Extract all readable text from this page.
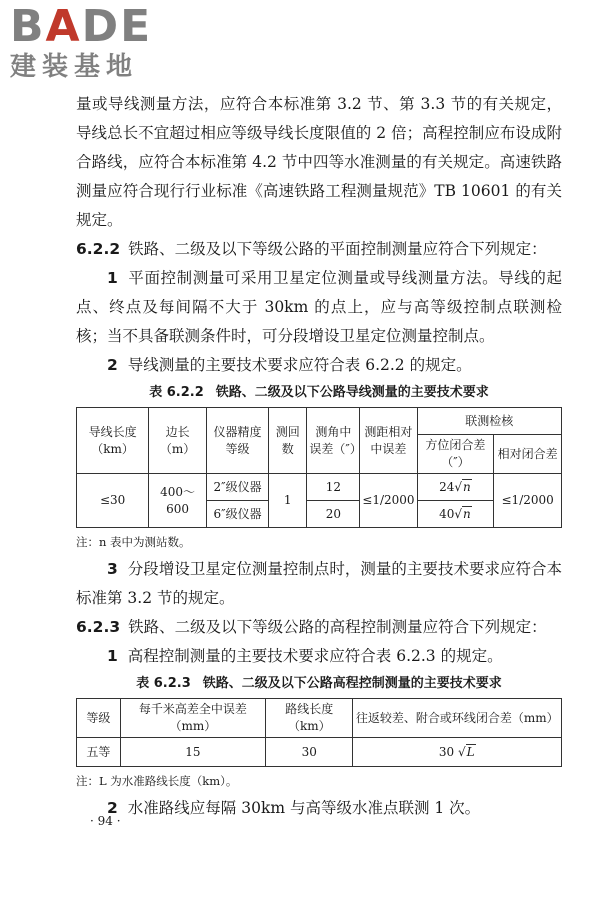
BADE
建装基地

量或导线测量方法，应符合本标准第 3.2 节、第 3.3 节的有关规定，导线总长不宜超过相应等级导线长度限值的 2 倍；高程控制应布设成附合路线，应符合本标准第 4.2 节中四等水准测量的有关规定。高速铁路测量应符合现行行业标准《高速铁路工程测量规范》TB 10601 的有关规定。

6.2.2 铁路、二级及以下等级公路的平面控制测量应符合下列规定：

1 平面控制测量可采用卫星定位测量或导线测量方法。导线的起点、终点及每间隔不大于 30km 的点上，应与高等级控制点联测检核；当不具备联测条件时，可分段增设卫星定位测量控制点。

2 导线测量的主要技术要求应符合表 6.2.2 的规定。

表 6.2.2 铁路、二级及以下公路导线测量的主要技术要求
导线长度（km）	边长（m）	仪器精度等级	测回数	测角中误差（″）	测距相对中误差	联测检核	
						方位闭合差（″）	相对闭合差
≤30	400～600	2″级仪器	1	12	≤1/2000	24√n	≤1/2000
		6″级仪器		20		40√n	
注：n 表中为测站数。

3 分段增设卫星定位测量控制点时，测量的主要技术要求应符合本标准第 3.2 节的规定。

6.2.3 铁路、二级及以下等级公路的高程控制测量应符合下列规定：

1 高程控制测量的主要技术要求应符合表 6.2.3 的规定。

表 6.2.3 铁路、二级及以下公路高程控制测量的主要技术要求
等级	每千米高差全中误差（mm）	路线长度（km）	往返较差、附合或环线闭合差（mm）
五等	15	30	30 √L
注：L 为水准路线长度（km）。

2 水准路线应每隔 30km 与高等级水准点联测 1 次。

· 94 ·
